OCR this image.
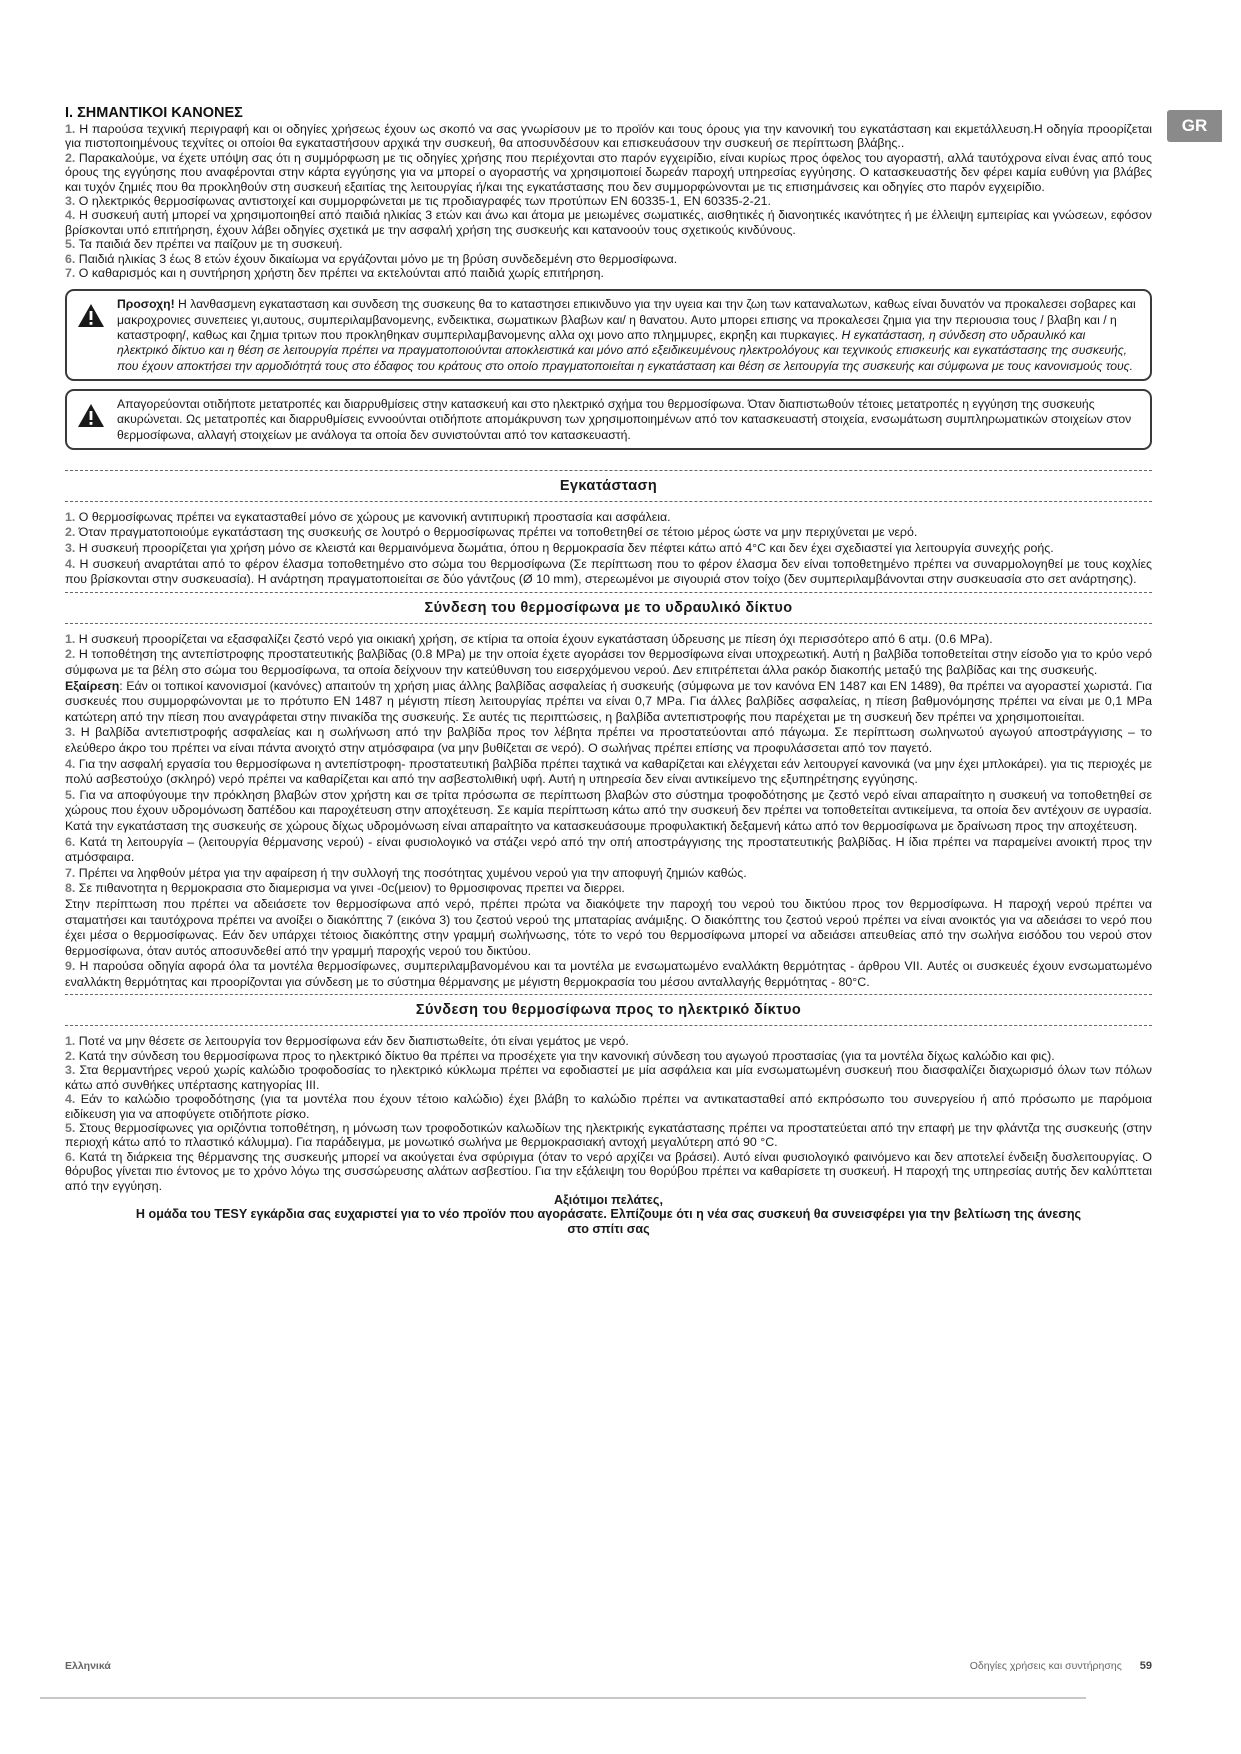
GR
I. ΣΗΜΑΝΤΙΚΟΙ ΚΑΝΟΝΕΣ

1. Η παρούσα τεχνική περιγραφή και οι οδηγίες χρήσεως έχουν ως σκοπό να σας γνωρίσουν με το προϊόν και τους όρους για την κανονική του εγκατάσταση και εκμετάλλευση.Η οδηγία προορίζεται για πιστοποιημένους τεχνίτες οι οποίοι θα εγκαταστήσουν αρχικά την συσκευή, θα αποσυνδέσουν και επισκευάσουν την συσκευή σε περίπτωση βλάβης..

2. Παρακαλούμε, να έχετε υπόψη σας ότι η συμμόρφωση με τις οδηγίες χρήσης που περιέχονται στο παρόν εγχειρίδιο, είναι κυρίως προς όφελος του αγοραστή, αλλά ταυτόχρονα είναι ένας από τους όρους της εγγύησης που αναφέρονται στην κάρτα εγγύησης για να μπορεί ο αγοραστής να χρησιμοποιεί δωρεάν παροχή υπηρεσίας εγγύησης. Ο κατασκευαστής δεν φέρει καμία ευθύνη για βλάβες και τυχόν ζημιές που θα προκληθούν στη συσκευή εξαιτίας της λειτουργίας ή/και της εγκατάστασης που δεν συμμορφώνονται με τις επισημάνσεις και οδηγίες στο παρόν εγχειρίδιο.

3. Ο ηλεκτρικός θερμοσίφωνας αντιστοιχεί και συμμορφώνεται με τις προδιαγραφές των προτύπων EN 60335-1, EN 60335-2-21.

4. Η συσκευή αυτή μπορεί να χρησιμοποιηθεί από παιδιά ηλικίας 3 ετών και άνω και άτομα με μειωμένες σωματικές, αισθητικές ή διανοητικές ικανότητες ή με έλλειψη εμπειρίας και γνώσεων, εφόσον βρίσκονται υπό επιτήρηση, έχουν λάβει οδηγίες σχετικά με την ασφαλή χρήση της συσκευής και κατανοούν τους σχετικούς κινδύνους.

5. Τα παιδιά δεν πρέπει να παίζουν με τη συσκευή.

6. Παιδιά ηλικίας 3 έως 8 ετών έχουν δικαίωμα να εργάζονται μόνο με τη βρύση συνδεδεμένη στο θερμοσίφωνα.

7. Ο καθαρισμός και η συντήρηση χρήστη δεν πρέπει να εκτελούνται από παιδιά χωρίς επιτήρηση.

Προσοχη! Η λανθασμενη εγκατασταση και συνδεση της συσκευης θα το καταστησει επικινδυνο για την υγεια και την ζωη των καταναλωτων, καθως είναι δυνατόν να προκαλεσει σοβαρες και μακροχρονιες συνεπειες γι,αυτους, συμπεριλαμβανομενης, ενδεικτικα, σωματικων βλαβων και/ η θανατου. Αυτο μπορει επισης να προκαλεσει ζημια για την περιουσια τους / βλαβη και / η καταστροφη/, καθως και ζημια τριτων που προκληθηκαν συμπεριλαμβανομενης αλλα οχι μονο απο πλημμυρες, εκρηξη και πυρκαγιες. Η εγκατάσταση, η σύνδεση στο υδραυλικό και ηλεκτρικό δίκτυο και η θέση σε λειτουργία πρέπει να πραγματοποιούνται αποκλειστικά και μόνο από εξειδικευμένους ηλεκτρολόγους και τεχνικούς επισκευής και εγκατάστασης της συσκευής, που έχουν αποκτήσει την αρμοδιότητά τους στο έδαφος του κράτους στο οποίο πραγματοποιείται η εγκατάσταση και θέση σε λειτουργία της συσκευής και σύμφωνα με τους κανονισμούς τους.
Απαγορεύονται οτιδήποτε μετατροπές και διαρρυθμίσεις στην κατασκευή και στο ηλεκτρικό σχήμα του θερμοσίφωνα. Όταν διαπιστωθούν τέτοιες μετατροπές η εγγύηση της συσκευής ακυρώνεται. Ως μετατροπές και διαρρυθμίσεις εννοούνται οτιδήποτε απομάκρυνση των χρησιμοποιημένων από τον κατασκευαστή στοιχεία, ενσωμάτωση συμπληρωματικών στοιχείων στον θερμοσίφωνα, αλλαγή στοιχείων με ανάλογα τα οποία δεν συνιστούνται από τον κατασκευαστή.
Εγκατάσταση

1. Ο θερμοσίφωνας πρέπει να εγκατασταθεί μόνο σε χώρους με κανονική αντιπυρική προστασία και ασφάλεια.

2. Όταν πραγματοποιούμε εγκατάσταση της συσκευής σε λουτρό ο θερμοσίφωνας πρέπει να τοποθετηθεί σε τέτοιο μέρος ώστε να μην περιχύνεται με νερό.

3. Η συσκευή προορίζεται για χρήση μόνο σε κλειστά και θερμαινόμενα δωμάτια, όπου η θερμοκρασία δεν πέφτει κάτω από 4°C και δεν έχει σχεδιαστεί για λειτουργία συνεχής ροής.

4. Η συσκευή αναρτάται από το φέρον έλασμα τοποθετημένο στο σώμα του θερμοσίφωνα (Σε περίπτωση που το φέρον έλασμα δεν είναι τοποθετημένο πρέπει να συναρμολογηθεί με τους κοχλίες που βρίσκονται στην συσκευασία). Η ανάρτηση πραγματοποιείται σε δύο γάντζους (Ø 10 mm), στερεωμένοι με σιγουριά στον τοίχο (δεν συμπεριλαμβάνονται στην συσκευασία στο σετ ανάρτησης).

Σύνδεση του θερμοσίφωνα με το υδραυλικό δίκτυο

1. Η συσκευή προορίζεται να εξασφαλίζει ζεστό νερό για οικιακή χρήση, σε κτίρια τα οποία έχουν εγκατάσταση ύδρευσης με πίεση όχι περισσότερο από 6 ατμ. (0.6 MPa).

2. Η τοποθέτηση της αντεπίστροφης προστατευτικής βαλβίδας (0.8 MPa) με την οποία έχετε αγοράσει τον θερμοσίφωνα είναι υποχρεωτική. Αυτή η βαλβίδα τοποθετείται στην είσοδο για το κρύο νερό σύμφωνα με τα βέλη στο σώμα του θερμοσίφωνα, τα οποία δείχνουν την κατεύθυνση του εισερχόμενου νερού. Δεν επιτρέπεται άλλα ρακόρ διακοπής μεταξύ της βαλβίδας και της συσκευής.

Εξαίρεση: Εάν οι τοπικοί κανονισμοί (κανόνες) απαιτούν τη χρήση μιας άλλης βαλβίδας ασφαλείας ή συσκευής (σύμφωνα με τον κανόνα EN 1487 και EN 1489), θα πρέπει να αγοραστεί χωριστά. Για συσκευές που συμμορφώνονται με το πρότυπο EN 1487 η μέγιστη πίεση λειτουργίας πρέπει να είναι 0,7 MPa. Για άλλες βαλβίδες ασφαλείας, η πίεση βαθμονόμησης πρέπει να είναι με 0,1 MPa κατώτερη από την πίεση που αναγράφεται στην πινακίδα της συσκευής. Σε αυτές τις περιπτώσεις, η βαλβίδα αντεπιστροφής που παρέχεται με τη συσκευή δεν πρέπει να χρησιμοποιείται.

3. Η βαλβίδα αντεπιστροφής ασφαλείας και η σωλήνωση από την βαλβίδα προς τον λέβητα πρέπει να προστατεύονται από πάγωμα. Σε περίπτωση σωληνωτού αγωγού αποστράγγισης – το ελεύθερο άκρο του πρέπει να είναι πάντα ανοιχτό στην ατμόσφαιρα (να μην βυθίζεται σε νερό). Ο σωλήνας πρέπει επίσης να προφυλάσσεται από τον παγετό.

4. Για την ασφαλή εργασία του θερμοσίφωνα η αντεπίστροφη- προστατευτική βαλβίδα πρέπει ταχτικά να καθαρίζεται και ελέγχεται εάν λειτουργεί κανονικά (να μην έχει μπλοκάρει). για τις περιοχές με πολύ ασβεστούχο (σκληρό) νερό πρέπει να καθαρίζεται και από την ασβεστολιθική υφή. Αυτή η υπηρεσία δεν είναι αντικείμενο της εξυπηρέτησης εγγύησης.

5. Για να αποφύγουμε την πρόκληση βλαβών στον χρήστη και σε τρίτα πρόσωπα σε περίπτωση βλαβών στο σύστημα τροφοδότησης με ζεστό νερό είναι απαραίτητο η συσκευή να τοποθετηθεί σε χώρους που έχουν υδρομόνωση δαπέδου και παροχέτευση στην αποχέτευση. Σε καμία περίπτωση κάτω από την συσκευή δεν πρέπει να τοποθετείται αντικείμενα, τα οποία δεν αντέχουν σε υγρασία. Κατά την εγκατάσταση της συσκευής σε χώρους δίχως υδρομόνωση είναι απαραίτητο να κατασκευάσουμε προφυλακτική δεξαμενή κάτω από τον θερμοσίφωνα με δραίνωση προς την αποχέτευση.

6. Κατά τη λειτουργία – (λειτουργία θέρμανσης νερού) - είναι φυσιολογικό να στάζει νερό από την οπή αποστράγγισης της προστατευτικής βαλβίδας. Η ίδια πρέπει να παραμείνει ανοικτή προς την ατμόσφαιρα.

7. Πρέπει να ληφθούν μέτρα για την αφαίρεση ή την συλλογή της ποσότητας χυμένου νερού για την αποφυγή ζημιών καθώς.

8. Σε πιθανοτητα η θερμοκρασια στο διαμερισμα να γινει -0c(μειον) το θρμοσιφονας πρεπει να διερρει.

Στην περίπτωση που πρέπει να αδειάσετε τον θερμοσίφωνα από νερό, πρέπει πρώτα να διακόψετε την παροχή του νερού του δικτύου προς τον θερμοσίφωνα. Η παροχή νερού πρέπει να σταματήσει και ταυτόχρονα πρέπει να ανοίξει ο διακόπτης 7 (εικόνα 3) του ζεστού νερού της μπαταρίας ανάμιξης. Ο διακόπτης του ζεστού νερού πρέπει να είναι ανοικτός για να αδειάσει το νερό που έχει μέσα ο θερμοσίφωνας. Εάν δεν υπάρχει τέτοιος διακόπτης στην γραμμή σωλήνωσης, τότε το νερό του θερμοσίφωνα μπορεί να αδειάσει απευθείας από την σωλήνα εισόδου του νερού στον θερμοσίφωνα, όταν αυτός αποσυνδεθεί από την γραμμή παροχής νερού του δικτύου.

9. Η παρούσα οδηγία αφορά όλα τα μοντέλα θερμοσίφωνες, συμπεριλαμβανομένου και τα μοντέλα με ενσωματωμένο εναλλάκτη θερμότητας - άρθρου VII. Αυτές οι συσκευές έχουν ενσωματωμένο εναλλάκτη θερμότητας και προορίζονται για σύνδεση με το σύστημα θέρμανσης με μέγιστη θερμοκρασία του μέσου ανταλλαγής θερμότητας - 80°C.

Σύνδεση του θερμοσίφωνα προς το ηλεκτρικό δίκτυο

1. Ποτέ να μην θέσετε σε λειτουργία τον θερμοσίφωνα εάν δεν διαπιστωθείτε, ότι είναι γεμάτος με νερό.

2. Κατά την σύνδεση του θερμοσίφωνα προς το ηλεκτρικό δίκτυο θα πρέπει να προσέχετε για την κανονική σύνδεση του αγωγού προστασίας (για τα μοντέλα δίχως καλώδιο και φις).

3. Στα θερμαντήρες νερού χωρίς καλώδιο τροφοδοσίας το ηλεκτρικό κύκλωμα πρέπει να εφοδιαστεί με μία ασφάλεια και μία ενσωματωμένη συσκευή που διασφαλίζει διαχωρισμό όλων των πόλων κάτω από συνθήκες υπέρτασης κατηγορίας III.

4. Εάν το καλώδιο τροφοδότησης (για τα μοντέλα που έχουν τέτοιο καλώδιο) έχει βλάβη το καλώδιο πρέπει να αντικατασταθεί από εκπρόσωπο του συνεργείου ή από πρόσωπο με παρόμοια ειδίκευση για να αποφύγετε οτιδήποτε ρίσκο.

5. Στους θερμοσίφωνες για οριζόντια τοποθέτηση, η μόνωση των τροφοδοτικών καλωδίων της ηλεκτρικής εγκατάστασης πρέπει να προστατεύεται από την επαφή με την φλάντζα της συσκευής (στην περιοχή κάτω από το πλαστικό κάλυμμα). Για παράδειγμα, με μονωτικό σωλήνα με θερμοκρασιακή αντοχή μεγαλύτερη από 90 °C.

6. Κατά τη διάρκεια της θέρμανσης της συσκευής μπορεί να ακούγεται ένα σφύριγμα (όταν το νερό αρχίζει να βράσει). Αυτό είναι φυσιολογικό φαινόμενο και δεν αποτελεί ένδειξη δυσλειτουργίας. Ο θόρυβος γίνεται πιο έντονος με το χρόνο λόγω της συσσώρευσης αλάτων ασβεστίου. Για την εξάλειψη του θορύβου πρέπει να καθαρίσετε τη συσκευή. Η παροχή της υπηρεσίας αυτής δεν καλύπτεται από την εγγύηση.

Αξιότιμοι πελάτες,
Η ομάδα του TESY εγκάρδια σας ευχαριστεί για το νέο προϊόν που αγοράσατε. Ελπίζουμε ότι η νέα σας συσκευή θα συνεισφέρει για την βελτίωση της άνεσης
στο σπίτι σας
Ελληνικά	Οδηγίες χρήσεις και συντήρησης 59
